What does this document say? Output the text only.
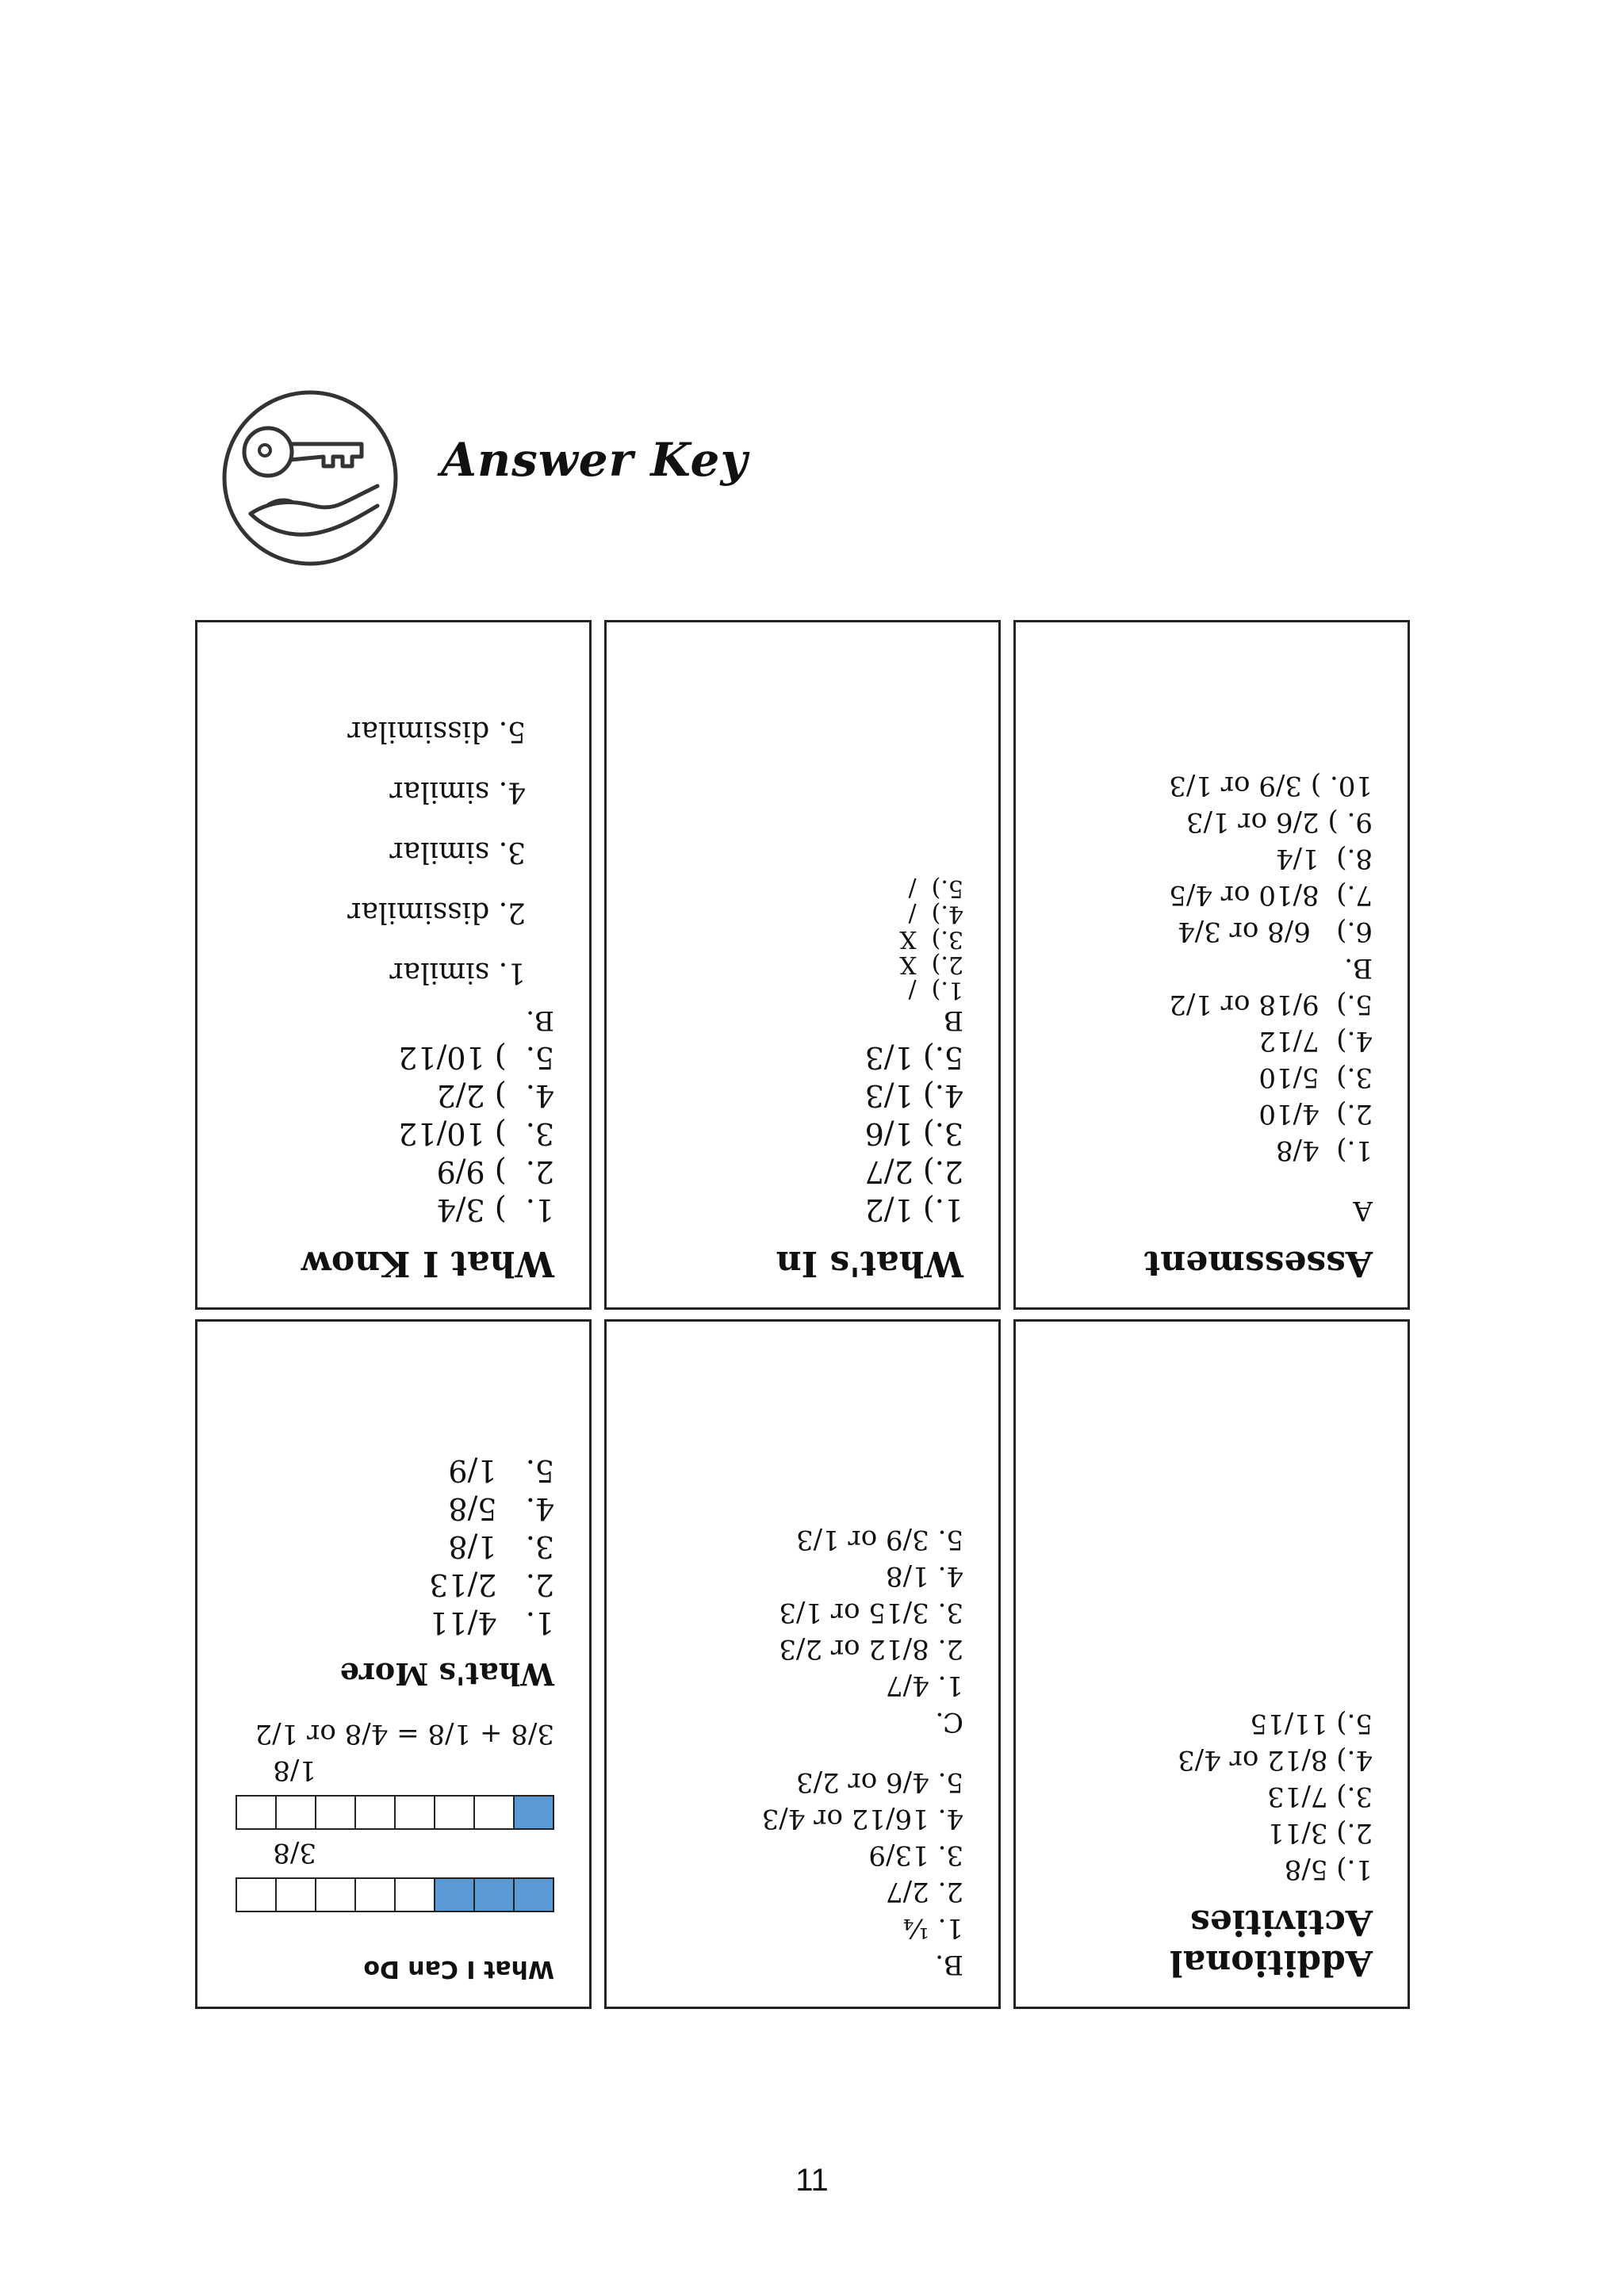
Answer Key
What I Know
1.  ) 3/4
2.  ) 9/9
3.  ) 10/12
4.  ) 2/2
5.  ) 10/12
B.
1. similar
2. dissimilar
3. similar
4. similar
5. dissimilar
What's In
1.) 1/2
2.) 2/7
3.) 1/6
4.) 1/3
5.) 1/3
B
1.)  /
2.)  X
3.)  X
4.)  /
5.)  /
Assessment
A
1.)  4/8
2.)  4/10
3.)  5/10
4.)  7/12
5.)  9/18 or 1/2
B.
6.)   6/8 or 3/4
7.)  8/10 or 4/5
8.)  1/4
9. ) 2/6 or 1/3
10. ) 3/9 or 1/3
What I Can Do
3/8
1/8
3/8 + 1/8 = 4/8 or 1/2
What's More
1.   4/11
2.   2/13
3.   1/8
4.   5/8
5.   1/9
B.
1. ¼
2. 2/7
3. 13/9
4. 16/12 or 4/3
5. 4/6 or 2/3
C.
1. 4/7
2. 8/12 or 2/3
3. 3/15 or 1/3
4. 1/8
5. 3/9 or 1/3
Additional
Activities
1.) 5/8
2.) 3/11
3.) 7/13
4.) 8/12 or 4/3
5.) 11/15
11
